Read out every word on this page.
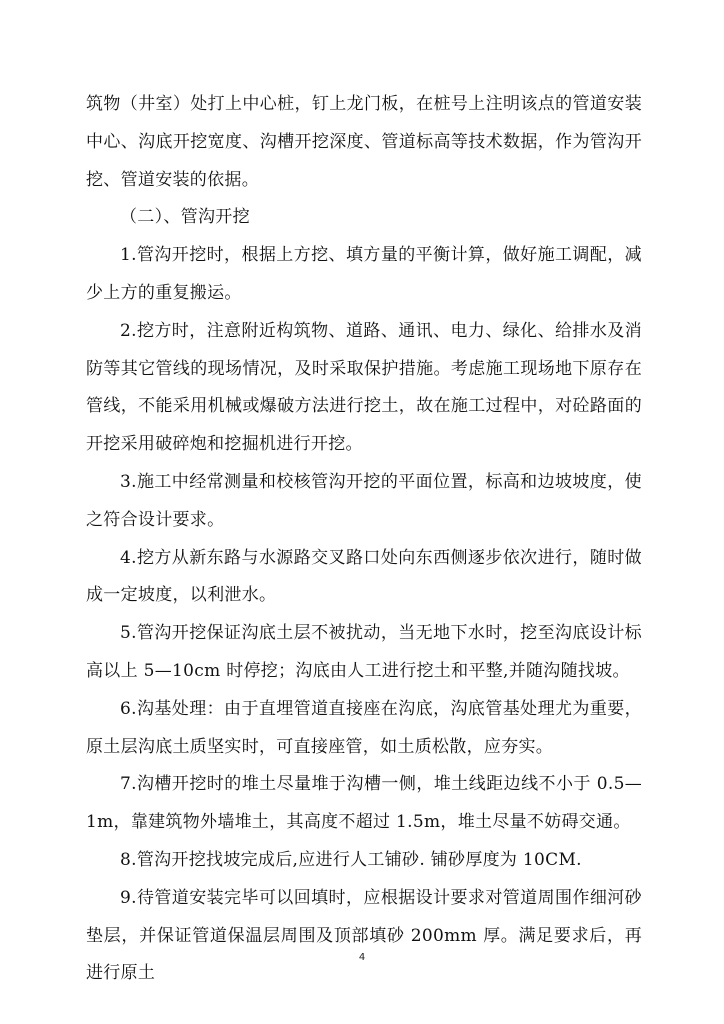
筑物（井室）处打上中心桩，钉上龙门板，在桩号上注明该点的管道安装中心、沟底开挖宽度、沟槽开挖深度、管道标高等技术数据，作为管沟开挖、管道安装的依据。

（二）、管沟开挖

1.管沟开挖时，根据上方挖、填方量的平衡计算，做好施工调配，减少上方的重复搬运。

2.挖方时，注意附近构筑物、道路、通讯、电力、绿化、给排水及消防等其它管线的现场情况，及时采取保护措施。考虑施工现场地下原存在管线，不能采用机械或爆破方法进行挖土，故在施工过程中，对砼路面的开挖采用破碎炮和挖掘机进行开挖。

3.施工中经常测量和校核管沟开挖的平面位置，标高和边坡坡度，使之符合设计要求。

4.挖方从新东路与水源路交叉路口处向东西侧逐步依次进行，随时做成一定坡度，以利泄水。

5.管沟开挖保证沟底土层不被扰动，当无地下水时，挖至沟底设计标高以上 5—10cm 时停挖；沟底由人工进行挖土和平整,并随沟随找坡。

6.沟基处理：由于直埋管道直接座在沟底，沟底管基处理尤为重要，原土层沟底土质坚实时，可直接座管，如土质松散，应夯实。

7.沟槽开挖时的堆土尽量堆于沟槽一侧，堆土线距边线不小于 0.5—1m，靠建筑物外墙堆土，其高度不超过 1.5m，堆土尽量不妨碍交通。

8.管沟开挖找坡完成后,应进行人工铺砂. 铺砂厚度为 10CM.

9.待管道安装完毕可以回填时，应根据设计要求对管道周围作细河砂垫层，并保证管道保温层周围及顶部填砂 200mm 厚。满足要求后，再进行原土

4
